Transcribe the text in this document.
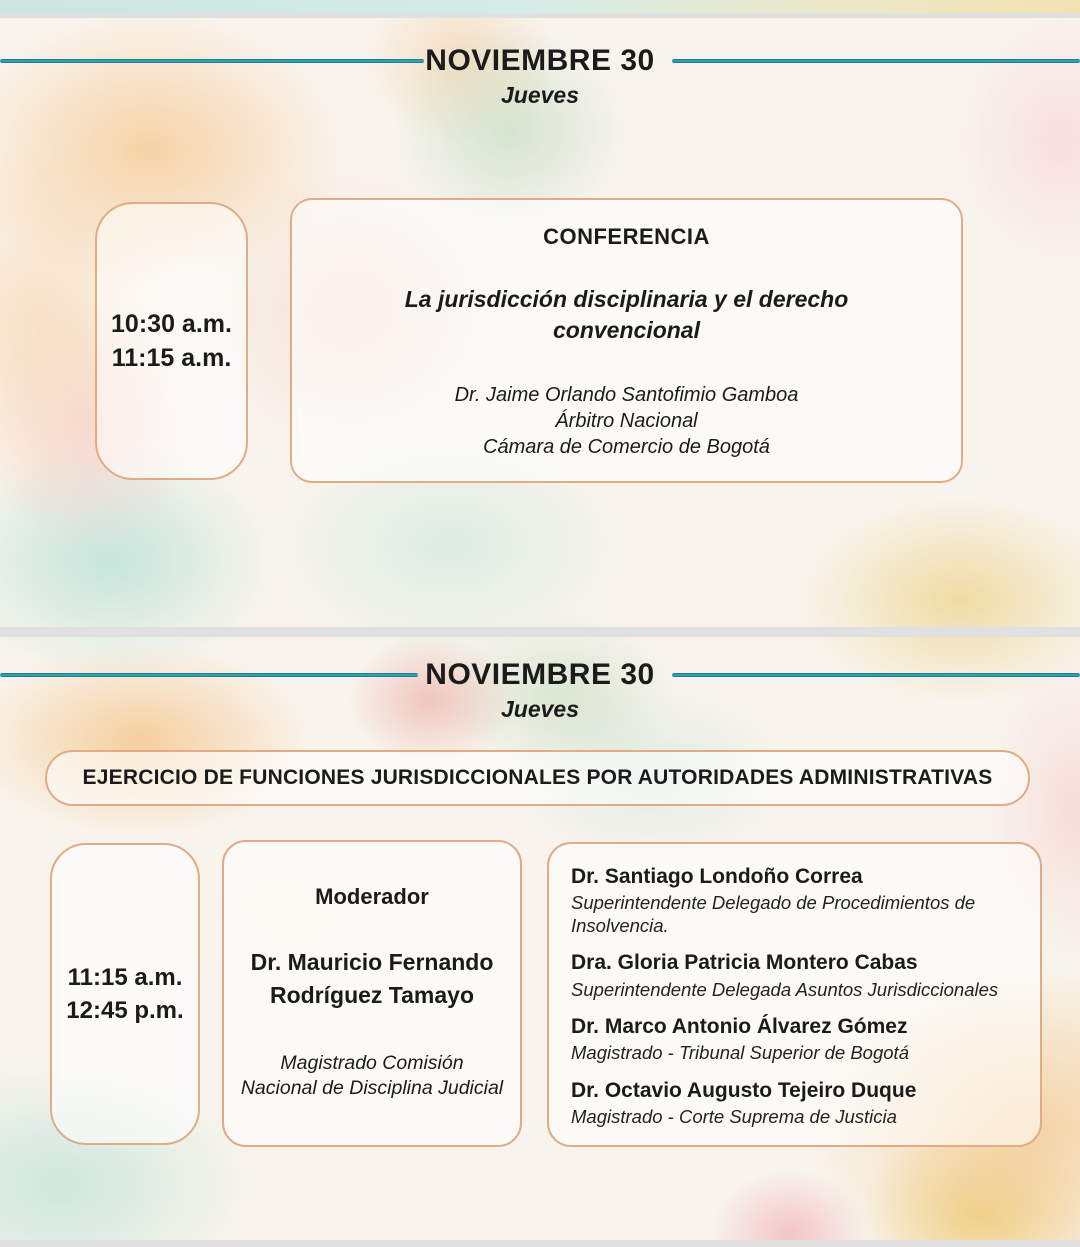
NOVIEMBRE 30
Jueves
10:30 a.m.
11:15 a.m.
CONFERENCIA
La jurisdicción disciplinaria y el derecho convencional
Dr. Jaime Orlando Santofimio Gamboa
Árbitro Nacional
Cámara de Comercio de Bogotá
NOVIEMBRE 30
Jueves
EJERCICIO DE FUNCIONES JURISDICCIONALES POR AUTORIDADES ADMINISTRATIVAS
11:15 a.m.
12:45 p.m.
Moderador
Dr. Mauricio Fernando Rodríguez Tamayo
Magistrado Comisión Nacional de Disciplina Judicial
Dr. Santiago Londoño Correa
Superintendente Delegado de Procedimientos de Insolvencia.
Dra. Gloria Patricia Montero Cabas
Superintendente Delegada Asuntos Jurisdiccionales
Dr. Marco Antonio Álvarez Gómez
Magistrado - Tribunal Superior de Bogotá
Dr. Octavio Augusto Tejeiro Duque
Magistrado - Corte Suprema de Justicia
